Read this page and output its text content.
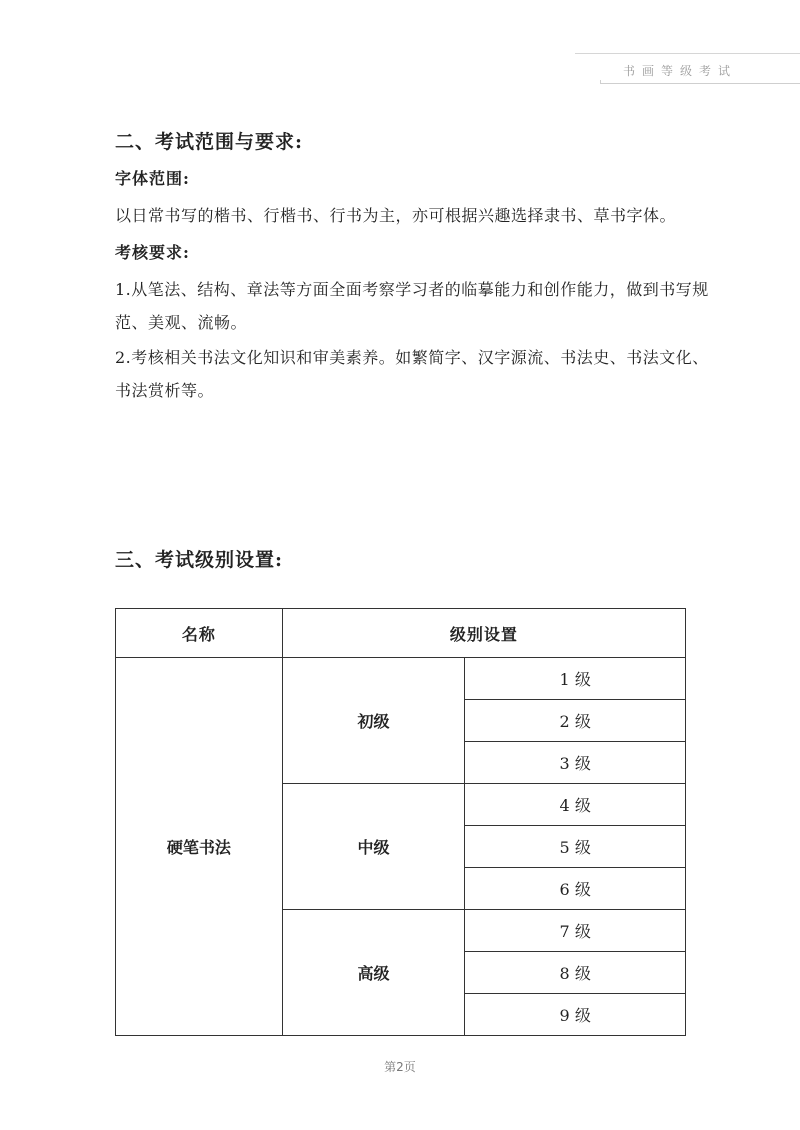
书画等级考试
二、考试范围与要求:
字体范围:
以日常书写的楷书、行楷书、行书为主，亦可根据兴趣选择隶书、草书字体。
考核要求:
1.从笔法、结构、章法等方面全面考察学习者的临摹能力和创作能力，做到书写规范、美观、流畅。
2.考核相关书法文化知识和审美素养。如繁简字、汉字源流、书法史、书法文化、书法赏析等。
三、考试级别设置:
名称	级别设置	
硬笔书法	初级	1 级
		2 级
		3 级
	中级	4 级
		5 级
		6 级
	高级	7 级
		8 级
		9 级
第2页
